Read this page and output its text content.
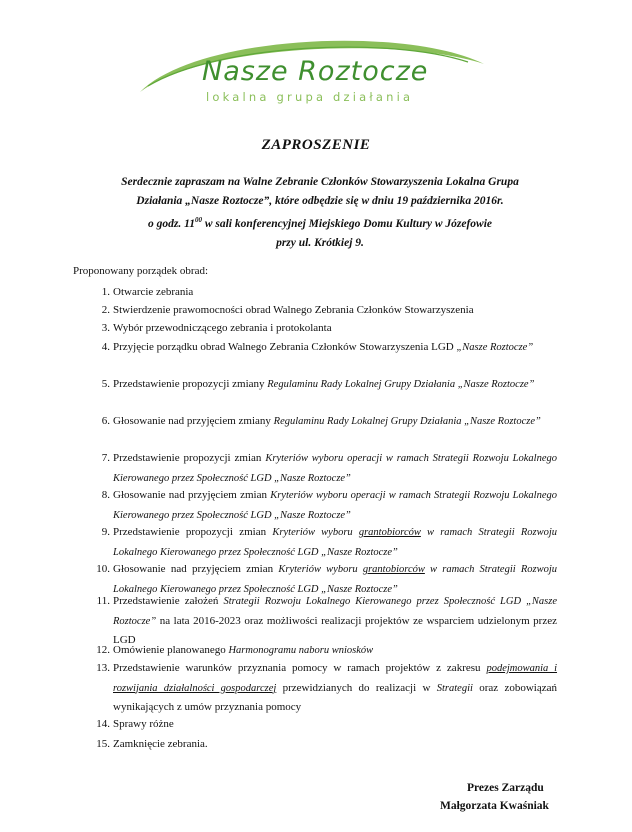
Nasze Roztocze
lokalna grupa działania
ZAPROSZENIE

Serdecznie zapraszam na Walne Zebranie Członków Stowarzyszenia Lokalna Grupa

Działania „Nasze Roztocze”, które odbędzie się w dniu 19 października 2016r.

o godz. $11^{00}$ w sali konferencyjnej Miejskiego Domu Kultury w Józefowie

przy ul. Krótkiej 9.

Proponowany porządek obrad:
1. Otwarcie zebrania
2. Stwierdzenie prawomocności obrad Walnego Zebrania Członków Stowarzyszenia
3. Wybór przewodniczącego zebrania i protokolanta
4. Przyjęcie porządku obrad Walnego Zebrania Członków Stowarzyszenia LGD „Nasze Roztocze”
5. Przedstawienie propozycji zmiany Regulaminu Rady Lokalnej Grupy Działania „Nasze Roztocze”
6. Głosowanie nad przyjęciem zmiany Regulaminu Rady Lokalnej Grupy Działania „Nasze Roztocze”
7. Przedstawienie propozycji zmian Kryteriów wyboru operacji w ramach Strategii Rozwoju Lokalnego Kierowanego przez Społeczność LGD „Nasze Roztocze”
8. Głosowanie nad przyjęciem zmian Kryteriów wyboru operacji w ramach Strategii Rozwoju Lokalnego Kierowanego przez Społeczność LGD „Nasze Roztocze”
9. Przedstawienie propozycji zmian Kryteriów wyboru grantobiorców w ramach Strategii Rozwoju Lokalnego Kierowanego przez Społeczność LGD „Nasze Roztocze”
10. Głosowanie nad przyjęciem zmian Kryteriów wyboru grantobiorców w ramach Strategii Rozwoju Lokalnego Kierowanego przez Społeczność LGD „Nasze Roztocze”
11. Przedstawienie założeń Strategii Rozwoju Lokalnego Kierowanego przez Społeczność LGD „Nasze Roztocze” na lata 2016-2023 oraz możliwości realizacji projektów ze wsparciem udzielonym przez LGD
12. Omówienie planowanego Harmonogramu naboru wniosków
13. Przedstawienie warunków przyznania pomocy w ramach projektów z zakresu podejmowania i rozwijania działalności gospodarczej przewidzianych do realizacji w Strategii oraz zobowiązań wynikających z umów przyznania pomocy
14. Sprawy różne
15. Zamknięcie zebrania.
Prezes Zarządu
Małgorzata Kwaśniak
